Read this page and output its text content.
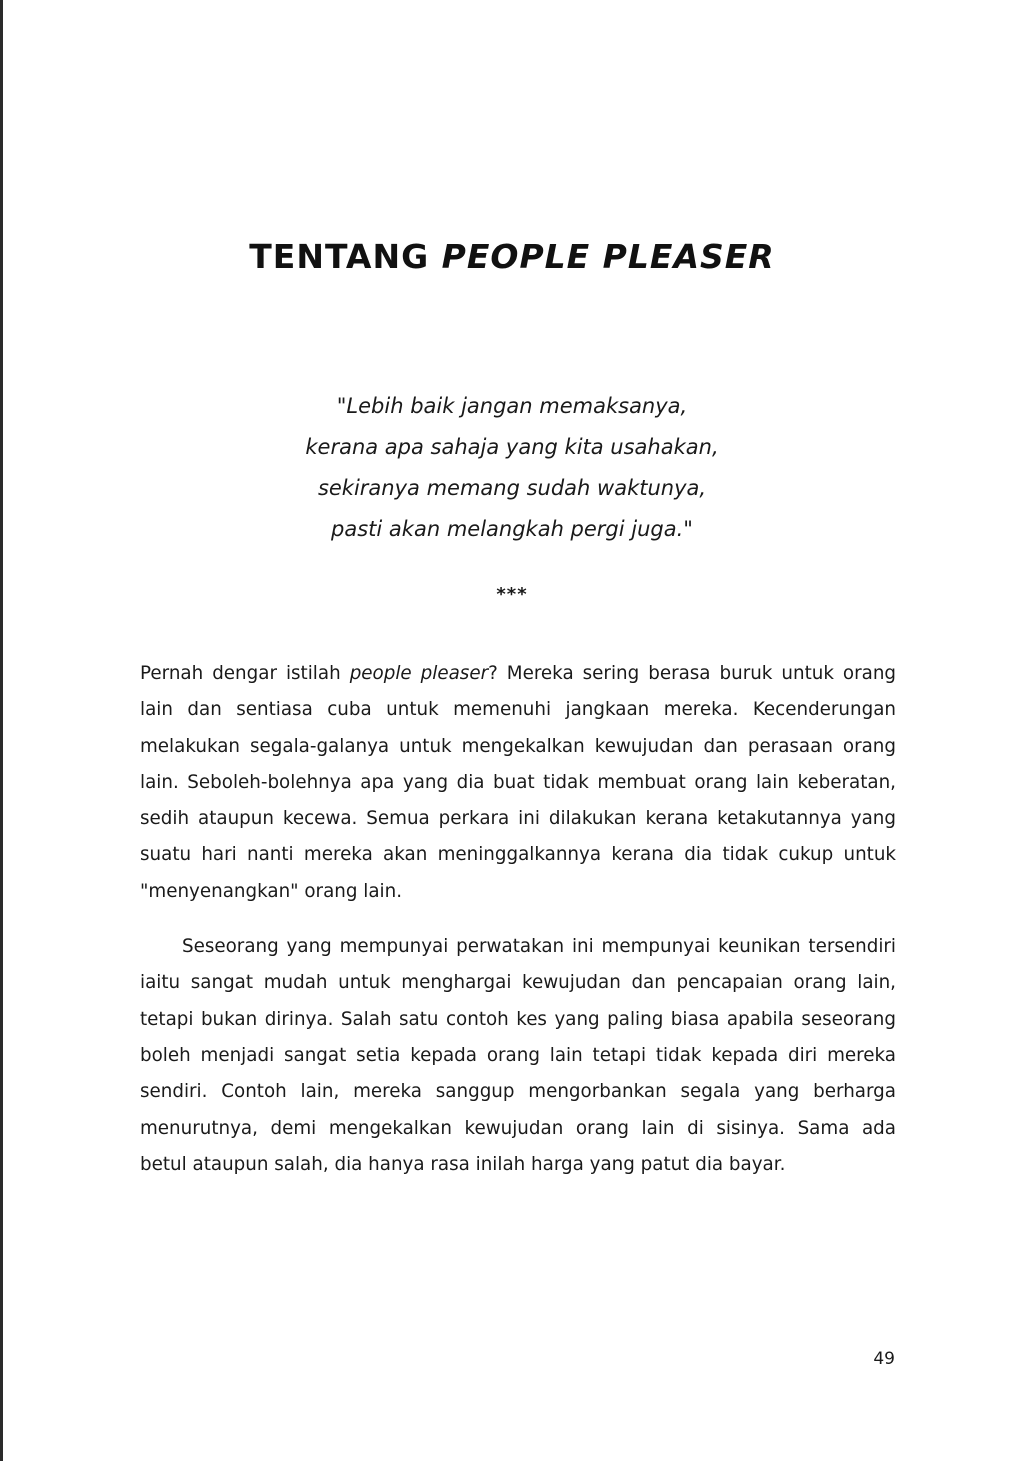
TENTANG PEOPLE PLEASER
"Lebih baik jangan memaksanya,
kerana apa sahaja yang kita usahakan,
sekiranya memang sudah waktunya,
pasti akan melangkah pergi juga."
***

Pernah dengar istilah people pleaser? Mereka sering berasa buruk untuk orang
lain dan sentiasa cuba untuk memenuhi jangkaan mereka. Kecenderungan
melakukan segala-galanya untuk mengekalkan kewujudan dan perasaan orang
lain. Seboleh-bolehnya apa yang dia buat tidak membuat orang lain keberatan,
sedih ataupun kecewa. Semua perkara ini dilakukan kerana ketakutannya yang
suatu hari nanti mereka akan meninggalkannya kerana dia tidak cukup untuk
"menyenangkan" orang lain.

Seseorang yang mempunyai perwatakan ini mempunyai keunikan tersendiri
iaitu sangat mudah untuk menghargai kewujudan dan pencapaian orang lain,
tetapi bukan dirinya. Salah satu contoh kes yang paling biasa apabila seseorang
boleh menjadi sangat setia kepada orang lain tetapi tidak kepada diri mereka
sendiri. Contoh lain, mereka sanggup mengorbankan segala yang berharga
menurutnya, demi mengekalkan kewujudan orang lain di sisinya. Sama ada
betul ataupun salah, dia hanya rasa inilah harga yang patut dia bayar.

49
